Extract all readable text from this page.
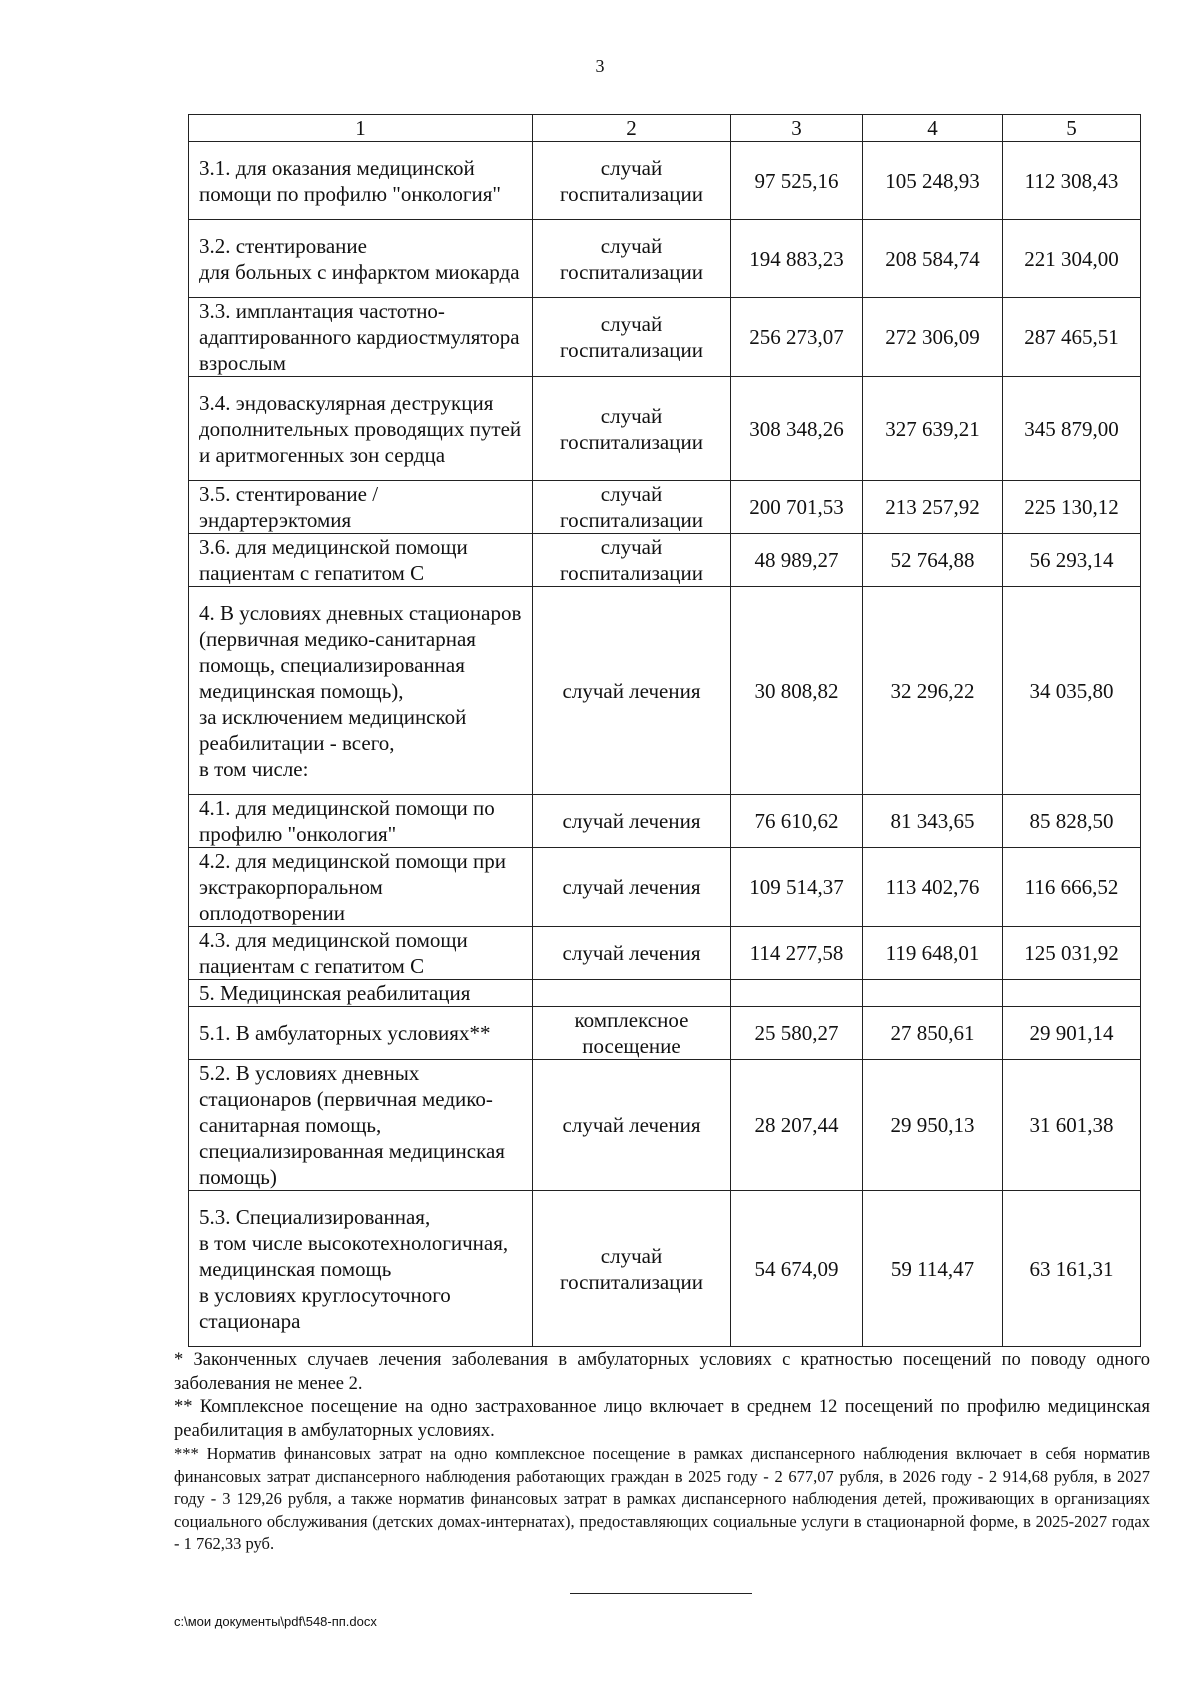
3
1	2	3	4	5
3.1. для оказания медицинской помощи по профилю "онкология"	случай госпитализации	97 525,16	105 248,93	112 308,43
3.2. стентирование
для больных с инфарктом миокарда	случай госпитализации	194 883,23	208 584,74	221 304,00
3.3. имплантация частотно-адаптированного кардиостмулятора взрослым	случай госпитализации	256 273,07	272 306,09	287 465,51
3.4. эндоваскулярная деструкция дополнительных проводящих путей
и аритмогенных зон сердца	случай госпитализации	308 348,26	327 639,21	345 879,00
3.5. стентирование / эндартерэктомия	случай госпитализации	200 701,53	213 257,92	225 130,12
3.6. для медицинской помощи пациентам с гепатитом С	случай госпитализации	48 989,27	52 764,88	56 293,14
4. В условиях дневных стационаров (первичная медико-санитарная помощь, специализированная медицинская помощь),
за исключением медицинской реабилитации - всего,
в том числе:	случай лечения	30 808,82	32 296,22	34 035,80
4.1. для медицинской помощи по профилю "онкология"	случай лечения	76 610,62	81 343,65	85 828,50
4.2. для медицинской помощи при экстракорпоральном оплодотворении	случай лечения	109 514,37	113 402,76	116 666,52
4.3. для медицинской помощи пациентам с гепатитом С	случай лечения	114 277,58	119 648,01	125 031,92
5. Медицинская реабилитация				
5.1. В амбулаторных условиях**	комплексное посещение	25 580,27	27 850,61	29 901,14
5.2. В условиях дневных стационаров (первичная медико-санитарная помощь, специализированная медицинская помощь)	случай лечения	28 207,44	29 950,13	31 601,38
5.3. Специализированная,
в том числе высокотехнологичная, медицинская помощь
в условиях круглосуточного стационара	случай госпитализации	54 674,09	59 114,47	63 161,31

* Законченных случаев лечения заболевания в амбулаторных условиях с кратностью посещений по поводу одного заболевания не менее 2.

** Комплексное посещение на одно застрахованное лицо включает в среднем 12 посещений по профилю медицинская реабилитация в амбулаторных условиях.

*** Норматив финансовых затрат на одно комплексное посещение в рамках диспансерного наблюдения включает в себя норматив финансовых затрат диспансерного наблюдения работающих граждан в 2025 году - 2 677,07 рубля, в 2026 году - 2 914,68 рубля, в 2027 году - 3 129,26 рубля, а также норматив финансовых затрат в рамках диспансерного наблюдения детей, проживающих в организациях социального обслуживания (детских домах-интернатах), предоставляющих социальные услуги в стационарной форме, в 2025-2027 годах - 1 762,33 руб.

c:\мои документы\pdf\548-пп.docx
